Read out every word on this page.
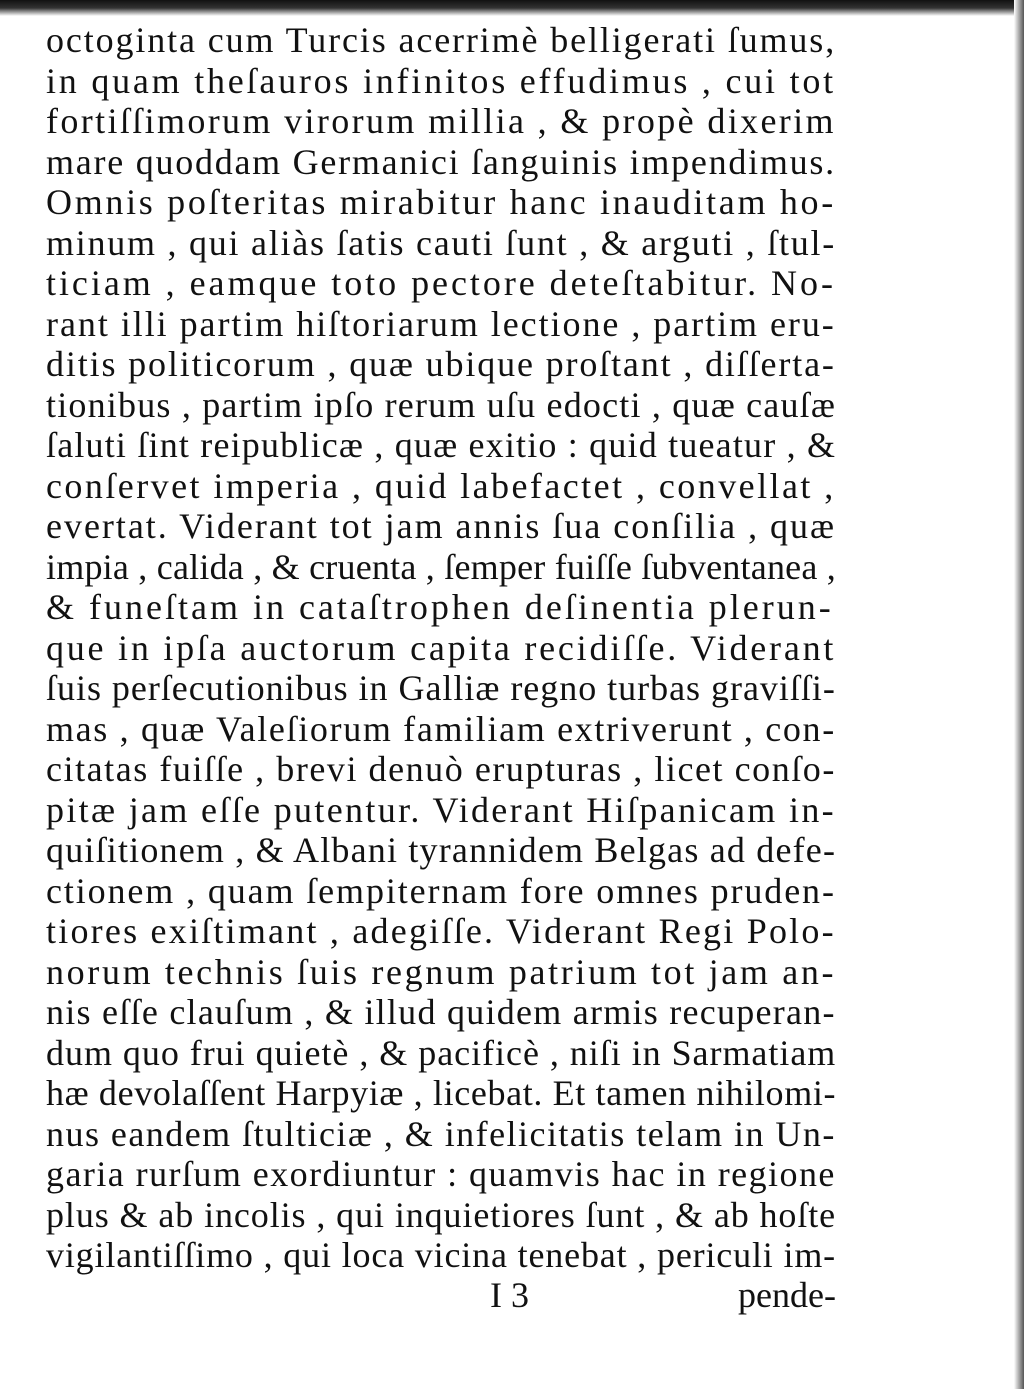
octoginta cum Turcis acerrimè belligerati ſumus,
in quam theſauros infinitos effudimus , cui tot
fortiſſimorum virorum millia , & propè dixerim
mare quoddam Germanici ſanguinis impendimus.
Omnis poſteritas mirabitur hanc inauditam ho-
minum , qui aliàs ſatis cauti ſunt , & arguti , ſtul-
ticiam , eamque toto pectore deteſtabitur. No-
rant illi partim hiſtoriarum lectione , partim eru-
ditis politicorum , quæ ubique proſtant , diſſerta-
tionibus , partim ipſo rerum uſu edocti , quæ cauſæ
ſaluti ſint reipublicæ , quæ exitio : quid tueatur , &
conſervet imperia , quid labefactet , convellat ,
evertat. Viderant tot jam annis ſua conſilia , quæ
impia , calida , & cruenta , ſemper fuiſſe ſubventanea ,
& funeſtam in cataſtrophen deſinentia plerun-
que in ipſa auctorum capita recidiſſe. Viderant
ſuis perſecutionibus in Galliæ regno turbas graviſſi-
mas , quæ Valeſiorum familiam extriverunt , con-
citatas fuiſſe , brevi denuò erupturas , licet conſo-
pitæ jam eſſe putentur. Viderant Hiſpanicam in-
quiſitionem , & Albani tyrannidem Belgas ad defe-
ctionem , quam ſempiternam fore omnes pruden-
tiores exiſtimant , adegiſſe. Viderant Regi Polo-
norum technis ſuis regnum patrium tot jam an-
nis eſſe clauſum , & illud quidem armis recuperan-
dum quo frui quietè , & pacificè , niſi in Sarmatiam
hæ devolaſſent Harpyiæ , licebat. Et tamen nihilomi-
nus eandem ſtulticiæ , & infelicitatis telam in Un-
garia rurſum exordiuntur : quamvis hac in regione
plus & ab incolis , qui inquietiores ſunt , & ab hoſte
vigilantiſſimo , qui loca vicina tenebat , periculi im-
I 3	pende-
